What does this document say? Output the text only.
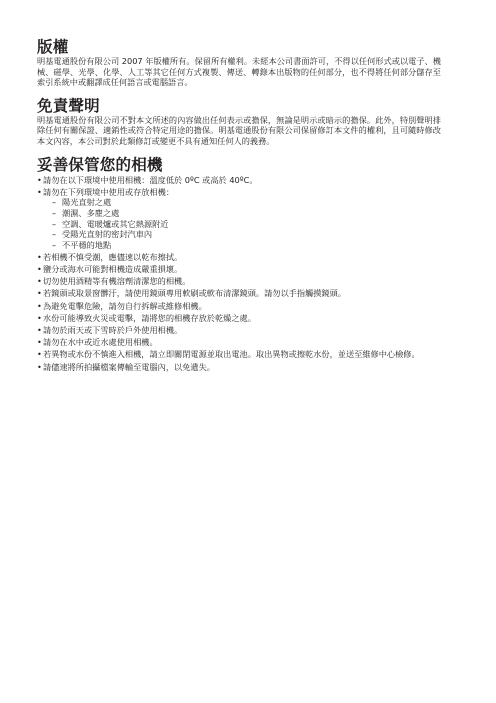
版權

明基電通股份有限公司 2007 年版權所有。保留所有權利。未經本公司書面許可，不得以任何形式或以電子、機械、磁學、光學、化學、人工等其它任何方式複製、傳送、轉錄本出版物的任何部分，也不得將任何部分儲存至索引系統中或翻譯成任何語言或電腦語言。

免責聲明

明基電通股份有限公司不對本文所述的內容做出任何表示或擔保，無論是明示或暗示的擔保。此外，特別聲明排除任何有關保證、適銷性或符合特定用途的擔保。明基電通股份有限公司保留修訂本文件的權利，且可隨時修改本文內容，本公司對於此類修訂或變更不具有通知任何人的義務。

妥善保管您的相機
• 請勿在以下環境中使用相機：溫度低於 0ºC 或高於 40ºC。
• 請勿在下列環境中使用或存放相機：
– 陽光直射之處
– 潮濕、多塵之處
– 空調、電暖爐或其它熱源附近
– 受陽光直射的密封汽車內
– 不平穩的地點
• 若相機不慎受潮，應儘速以乾布擦拭。
• 鹽分或海水可能對相機造成嚴重損壞。
• 切勿使用酒精等有機溶劑清潔您的相機。
• 若鏡頭或取景窗髒汙，請使用鏡頭專用軟刷或軟布清潔鏡頭。請勿以手指觸摸鏡頭。
• 為避免電擊危險，請勿自行拆解或維修相機。
• 水份可能導致火災或電擊，請將您的相機存放於乾燥之處。
• 請勿於雨天或下雪時於戶外使用相機。
• 請勿在水中或近水處使用相機。
• 若異物或水份不慎進入相機，請立即關閉電源並取出電池。取出異物或擦乾水份，並送至維修中心檢修。
• 請儘速將所拍攝檔案傳輸至電腦內，以免遺失。
